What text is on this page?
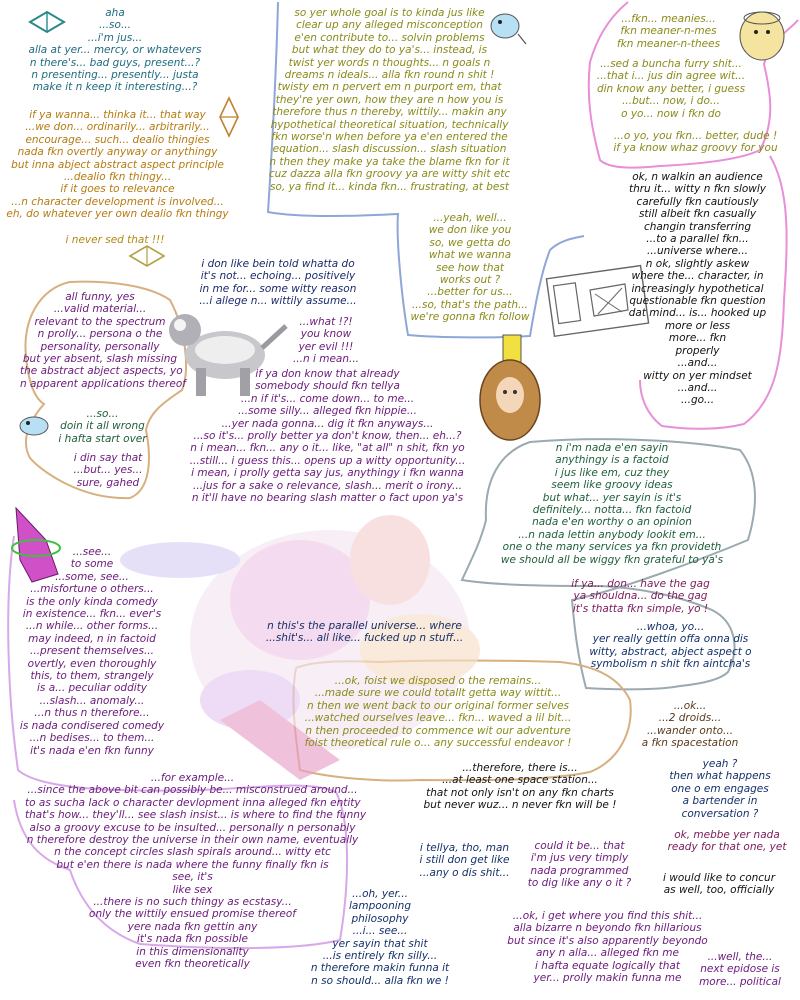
aha
...so...
...i'm jus...
alla at yer... mercy, or whatevers
n there's... bad guys, present...?
n presenting... presently... justa
make it n keep it interesting...?
if ya wanna... thinka it... that way
...we don... ordinarily... arbitrarily...
encourage... such... dealio thingies
nada fkn overtly anyway or anythingy
but inna abject abstract aspect principle
...dealio fkn thingy...
if it goes to relevance
...n character development is involved...
eh, do whatever yer own dealio fkn thingy
i never sed that !!!
so yer whole goal is to kinda jus like
clear up any alleged misconception
e'en contribute to... solvin problems
but what they do to ya's... instead, is
twist yer words n thoughts... n goals n
dreams n ideals... alla fkn round n shit !
twisty em n pervert em n purport em, that
they're yer own, how they are n how you is
therefore thus n thereby, wittily... makin any
hypothetical theoretical situation, technically
fkn worse'n when before ya e'en entered the
equation... slash discussion... slash situation
n then they make ya take the blame fkn for it
cuz dazza alla fkn groovy ya are witty shit etc
so, ya find it... kinda fkn... frustrating, at best
...yeah, well...
we don like you
so, we getta do
what we wanna
see how that
works out ?
...better for us...
...so, that's the path...
we're gonna fkn follow
...fkn... meanies...
fkn meaner-n-mes
fkn meaner-n-thees
...sed a buncha furry shit...
...that i... jus din agree wit...
din know any better, i guess
...but... now, i do...
o yo... now i fkn do
...o yo, you fkn... better, dude !
if ya know whaz groovy for you
ok, n walkin an audience
thru it... witty n fkn slowly
carefully fkn cautiously
still albeit fkn casually
changin transferring
...to a parallel fkn...
...universe where...
n ok, slightly askew
where the... character, in
increasingly hypothetical
questionable fkn question
dat mind... is... hooked up
more or less
more... fkn
properly
...and...
witty on yer mindset
...and...
...go...
i don like bein told whatta do
it's not... echoing... positively
in me for... some witty reason
...i allege n... wittily assume...
all funny, yes
...valid material...
relevant to the spectrum
n prolly... persona o the
personality, personally
but yer absent, slash missing
the abstract abject aspects, yo
n apparent applications thereof
...so...
doin it all wrong
i hafta start over
i din say that
...but... yes...
sure, gahed
...what !?!
you know
yer evil !!!
...n i mean...
if ya don know that already
somebody should fkn tellya
...n if it's... come down... to me...
...some silly... alleged fkn hippie...
...yer nada gonna... dig it fkn anyways...
...so it's... prolly better ya don't know, then... eh...?
n i mean... fkn... any o it... like, "at all" n shit, fkn yo
...still... i guess this... opens up a witty opportunity...
i mean, i prolly getta say jus, anythingy i fkn wanna
...jus for a sake o relevance, slash... merit o irony...
n it'll have no bearing slash matter o fact upon ya's
n i'm nada e'en sayin
anythingy is a factoid
i jus like em, cuz they
seem like groovy ideas
but what... yer sayin is it's
definitely... notta... fkn factoid
nada e'en worthy o an opinion
...n nada lettin anybody lookit em...
one o the many services ya fkn provideth
we should all be wiggy fkn grateful to ya's
if ya... don... have the gag
ya shouldna... do the gag
it's thatta fkn simple, yo !
...whoa, yo...
yer really gettin offa onna dis
witty, abstract, abject aspect o
symbolism n shit fkn aintcha's
...see...
to some
...some, see...
...misfortune o others...
is the only kinda comedy
in existence... fkn... ever's
...n while... other forms...
may indeed, n in factoid
...present themselves...
overtly, even thoroughly
this, to them, strangely
is a... peculiar oddity
...slash... anomaly...
...n thus n therefore...
is nada condisered comedy
...n bedises... to them...
it's nada e'en fkn funny
n this's the parallel universe... where
...shit's... all like... fucked up n stuff...
...ok, foist we disposed o the remains...
...made sure we could totallt getta way wittit...
n then we went back to our original former selves
...watched ourselves leave... fkn... waved a lil bit...
n then proceeded to commence wit our adventure
foist theoretical rule o... any successful endeavor !
...ok...
...2 droids...
...wander onto...
a fkn spacestation
...therefore, there is...
...at least one space station...
that not only isn't on any fkn charts
but never wuz... n never fkn will be !
yeah ?
then what happens
one o em engages
a bartender in
conversation ?
ok, mebbe yer nada
ready for that one, yet
...for example...
...since the above bit can possibly be... misconstrued around...
to as sucha lack o character devlopment inna alleged fkn entity
that's how... they'll... see slash insist... is where to find the funny
also a groovy excuse to be insulted... personally n personably
n therefore destroy the universe in their own name, eventually
n the concept circles slash spirals around... witty etc
but e'en there is nada where the funny finally fkn is
see, it's
like sex
...there is no such thingy as ecstasy...
only the wittily ensued promise thereof
yere nada fkn gettin any
it's nada fkn possible
in this dimensionality
even fkn theoretically
i tellya, tho, man
i still don get like
...any o dis shit...
could it be... that
i'm jus very timply
nada programmed
to dig like any o it ?	i would like to concur
as well, too, officially
...oh, yer...
lampooning
philosophy
...i... see...
yer sayin that shit
...is entirely fkn silly...
n therefore makin funna it
n so should... alla fkn we !
...ok, i get where you find this shit...
alla bizarre n beyondo fkn hillarious
but since it's also apparently beyondo
any n alla... alleged fkn me
i hafta equate logically that
yer... prolly makin funna me
...well, the...
next epidose is
more... political
